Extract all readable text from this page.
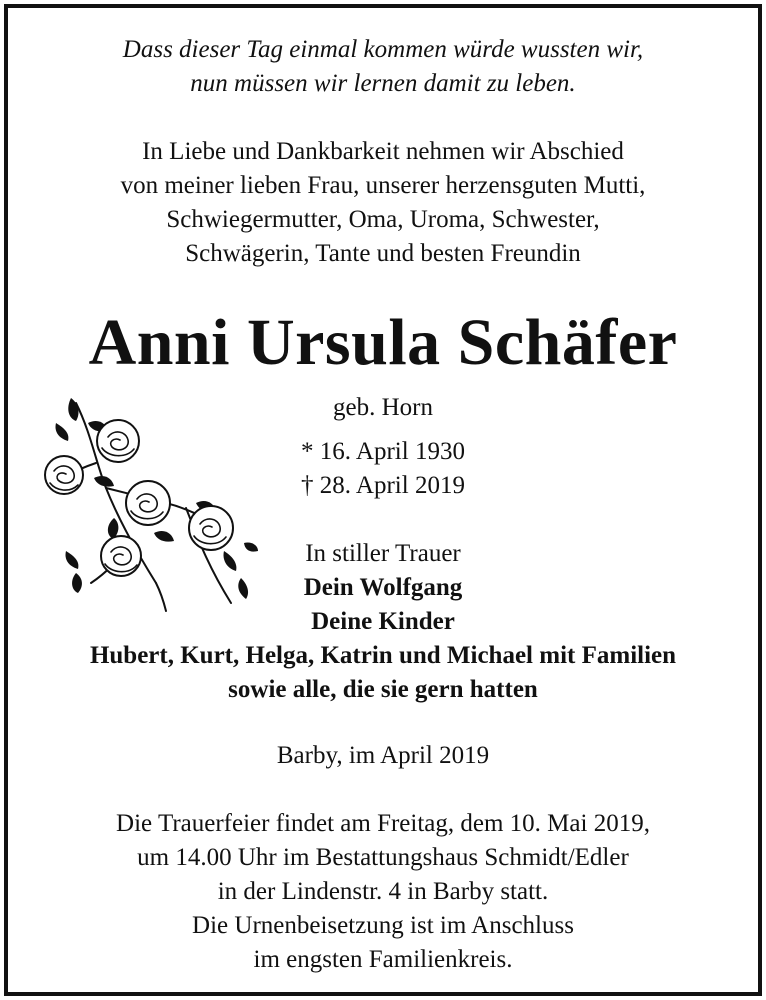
Dass dieser Tag einmal kommen würde wussten wir,
nun müssen wir lernen damit zu leben.
In Liebe und Dankbarkeit nehmen wir Abschied
von meiner lieben Frau, unserer herzensguten Mutti,
Schwiegermutter, Oma, Uroma, Schwester,
Schwägerin, Tante und besten Freundin
Anni Ursula Schäfer
geb. Horn
* 16. April 1930
† 28. April 2019
In stiller Trauer
Dein Wolfgang
Deine Kinder
Hubert, Kurt, Helga, Katrin und Michael mit Familien
sowie alle, die sie gern hatten
Barby, im April 2019
Die Trauerfeier findet am Freitag, dem 10. Mai 2019,
um 14.00 Uhr im Bestattungshaus Schmidt/Edler
in der Lindenstr. 4 in Barby statt.
Die Urnenbeisetzung ist im Anschluss
im engsten Familienkreis.
